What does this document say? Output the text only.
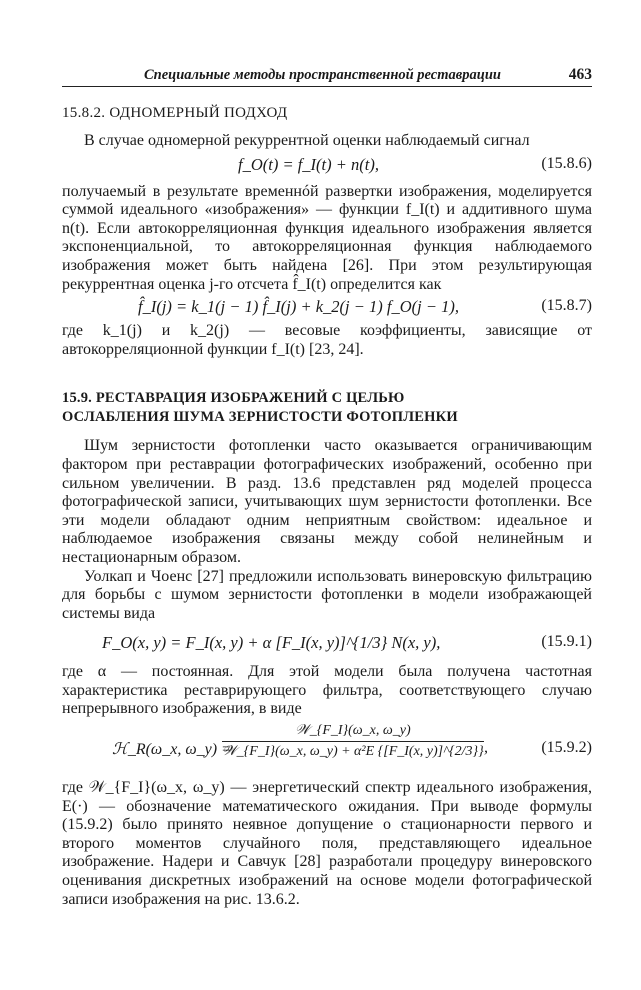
Специальные методы пространственной реставрации	463
15.8.2. ОДНОМЕРНЫЙ ПОДХОД

В случае одномерной рекуррентной оценки наблюдаемый сигнал

f_O(t) = f_I(t) + n(t),	(15.8.6)

получаемый в результате временнóй развертки изображения, моделируется суммой идеального «изображения» — функции f_I(t) и аддитивного шума n(t). Если автокорреляционная функция идеального изображения является экспоненциальной, то автокорреляционная функция наблюдаемого изображения может быть найдена [26]. При этом результирующая рекуррентная оценка j-го отсчета f̂_I(t) определится как

f̂_I(j) = k_1(j − 1) f̂_I(j) + k_2(j − 1) f_O(j − 1),	(15.8.7)

где k_1(j) и k_2(j) — весовые коэффициенты, зависящие от автокорреляционной функции f_I(t) [23, 24].

15.9. РЕСТАВРАЦИЯ ИЗОБРАЖЕНИЙ С ЦЕЛЬЮ
ОСЛАБЛЕНИЯ ШУМА ЗЕРНИСТОСТИ ФОТОПЛЕНКИ

Шум зернистости фотопленки часто оказывается ограничивающим фактором при реставрации фотографических изображений, особенно при сильном увеличении. В разд. 13.6 представлен ряд моделей процесса фотографической записи, учитывающих шум зернистости фотопленки. Все эти модели обладают одним неприятным свойством: идеальное и наблюдаемое изображения связаны между собой нелинейным и нестационарным образом.

Уолкап и Чоенс [27] предложили использовать винеровскую фильтрацию для борьбы с шумом зернистости фотопленки в модели изображающей системы вида

F_O(x, y) = F_I(x, y) + α [F_I(x, y)]^{1/3} N(x, y),	(15.9.1)

где α — постоянная. Для этой модели была получена частотная характеристика реставрирующего фильтра, соответствующего случаю непрерывного изображения, в виде

ℋ_R(ω_x, ω_y) =
𝒲_{F_I}(ω_x, ω_y)
𝒲_{F_I}(ω_x, ω_y) + α²E {[F_I(x, y)]^{2/3}} ,	(15.9.2)

где 𝒲_{F_I}(ω_x, ω_y) — энергетический спектр идеального изображения, E(·) — обозначение математического ожидания. При выводе формулы (15.9.2) было принято неявное допущение о стационарности первого и второго моментов случайного поля, представляющего идеальное изображение. Надери и Савчук [28] разработали процедуру винеровского оценивания дискретных изображений на основе модели фотографической записи изображения на рис. 13.6.2.
